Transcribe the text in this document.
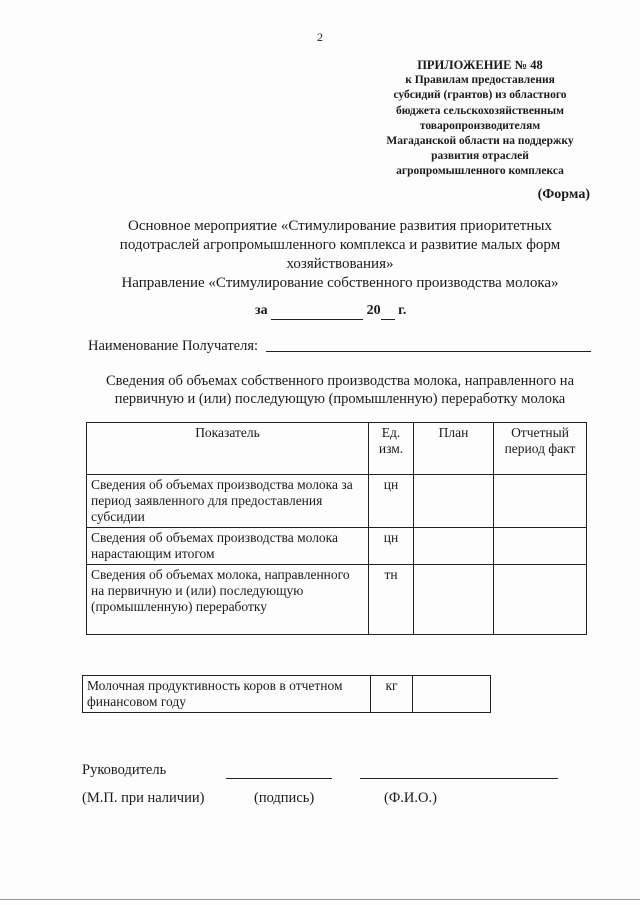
2
ПРИЛОЖЕНИЕ № 48
к Правилам предоставления
субсидий (грантов) из областного
бюджета сельскохозяйственным
товаропроизводителям
Магаданской области на поддержку
развития отраслей
агропромышленного комплекса
(Форма)
Основное мероприятие «Стимулирование развития приоритетных
подотраслей агропромышленного комплекса и развитие малых форм
хозяйствования»
Направление «Стимулирование собственного производства молока»
за	20 г.
Наименование Получателя:
Сведения об объемах собственного производства молока, направленного на
первичную и (или) последующую (промышленную) переработку молока
Показатель	Ед. изм.	План	Отчетный период факт
Сведения об объемах производства молока за период заявленного для предоставления субсидии	цн		
Сведения об объемах производства молока нарастающим итогом	цн		
Сведения об объемах молока, направленного на первичную и (или) последующую (промышленную) переработку	тн		
Молочная продуктивность коров в отчетном финансовом году	кг	
Руководитель
(М.П. при наличии)	(подпись)	(Ф.И.О.)
